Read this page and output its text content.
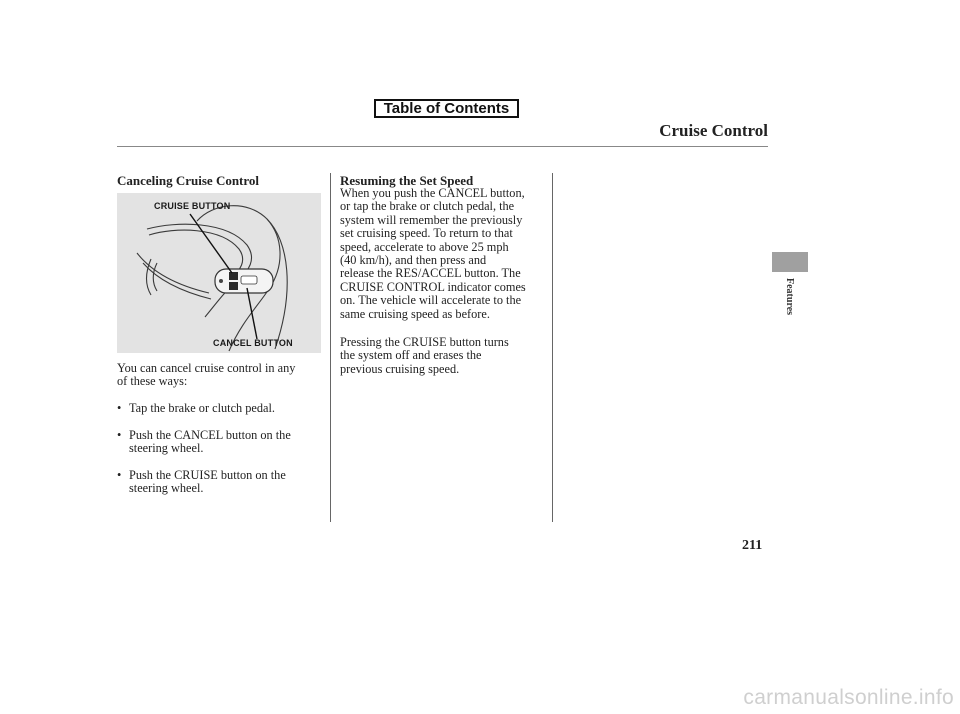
Table of Contents
Cruise Control
Canceling Cruise Control
CRUISE BUTTON
CANCEL BUTTON

You can cancel cruise control in any
of these ways:

• Tap the brake or clutch pedal.
• Push the CANCEL button on the
steering wheel.
• Push the CRUISE button on the
steering wheel.
Resuming the Set Speed

When you push the CANCEL button,
or tap the brake or clutch pedal, the
system will remember the previously
set cruising speed. To return to that
speed, accelerate to above 25 mph
(40 km/h), and then press and
release the RES/ACCEL button. The
CRUISE CONTROL indicator comes
on. The vehicle will accelerate to the
same cruising speed as before.

Pressing the CRUISE button turns
the system off and erases the
previous cruising speed.

Features
211
carmanualsonline.info
